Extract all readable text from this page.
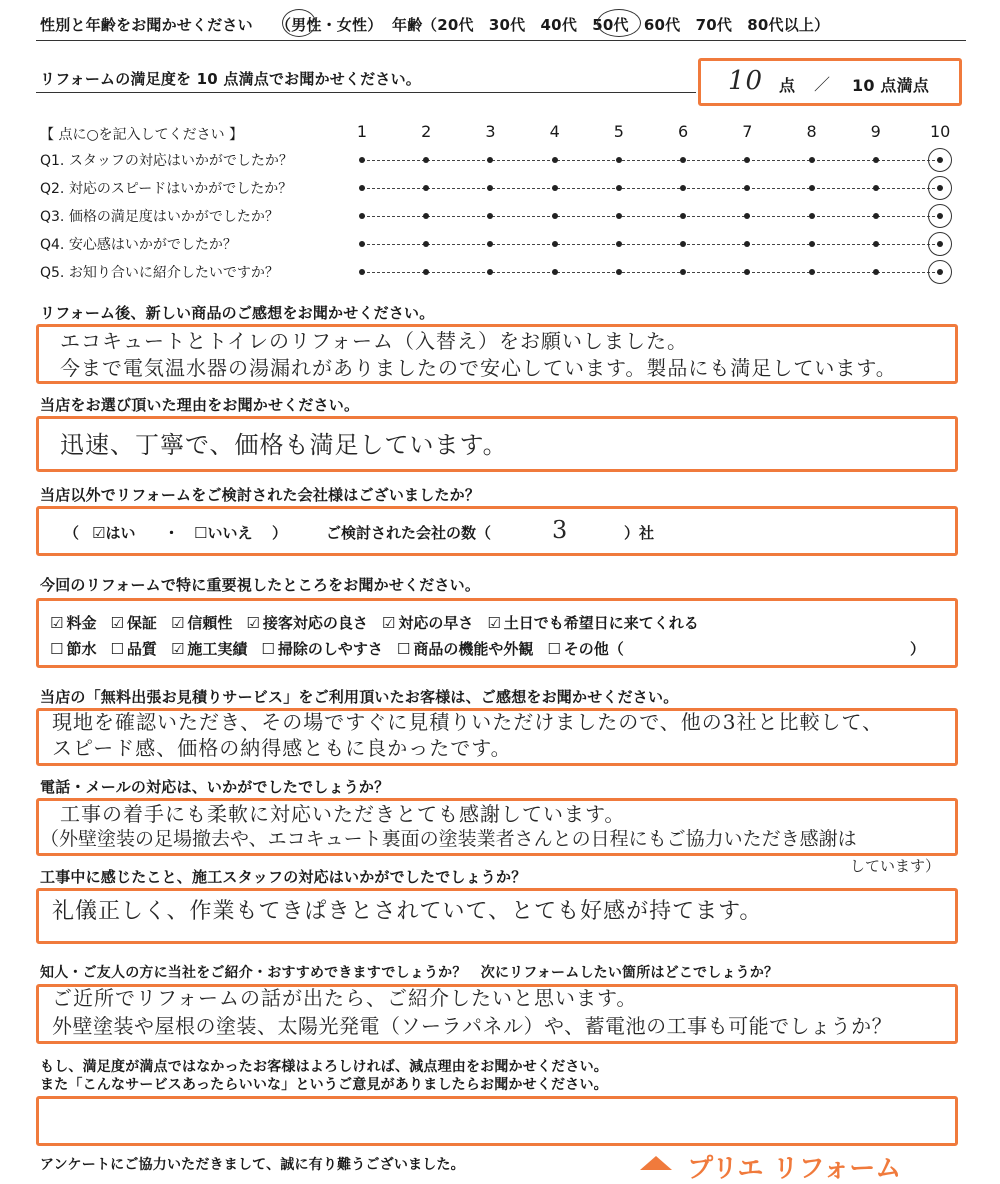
性別と年齢をお聞かせください （男性・女性） 年齢 （20代　30代　40代　50代　60代　70代　80代以上）
リフォームの満足度を 10 点満点でお聞かせください。	10 点 ／ 10 点満点
【 点に○を記入してください 】	1	2	3	4	5	6	7	8	9	10
Q1. スタッフの対応はいかがでしたか？
Q2. 対応のスピードはいかがでしたか？
Q3. 価格の満足度はいかがでしたか？
Q4. 安心感はいかがでしたか？
Q5. お知り合いに紹介したいですか？
リフォーム後、新しい商品のご感想をお聞かせください。
エコキュートとトイレのリフォーム（入替え）をお願いしました。
今まで電気温水器の湯漏れがありましたので安心しています。製品にも満足しています。
当店をお選び頂いた理由をお聞かせください。
迅速、丁寧で、価格も満足しています。
当店以外でリフォームをご検討された会社様はございましたか？
（ ☑はい ・ ☐いいえ ）	ご検討された会社の数（	3	）社
今回のリフォームで特に重要視したところをお聞かせください。
☑ 料金 ☑ 保証 ☑ 信頼性 ☑ 接客対応の良さ ☑ 対応の早さ ☑ 土日でも希望日に来てくれる
☐ 節水 ☐ 品質 ☑ 施工実績 ☐ 掃除のしやすさ ☐ 商品の機能や外観 ☐ その他（	）
当店の「無料出張お見積りサービス」をご利用頂いたお客様は、ご感想をお聞かせください。
現地を確認いただき、その場ですぐに見積りいただけましたので、他の3社と比較して、
スピード感、価格の納得感ともに良かったです。
電話・メールの対応は、いかがでしたでしょうか？
工事の着手にも柔軟に対応いただきとても感謝しています。
（外壁塗装の足場撤去や、エコキュート裏面の塗装業者さんとの日程にもご協力いただき感謝は
しています）
工事中に感じたこと、施工スタッフの対応はいかがでしたでしょうか？
礼儀正しく、作業もてきぱきとされていて、とても好感が持てます。
知人・ご友人の方に当社をご紹介・おすすめできますでしょうか？　次にリフォームしたい箇所はどこでしょうか？
ご近所でリフォームの話が出たら、ご紹介したいと思います。
外壁塗装や屋根の塗装、太陽光発電（ソーラパネル）や、蓄電池の工事も可能でしょうか？
もし、満足度が満点ではなかったお客様はよろしければ、減点理由をお聞かせください。
また「こんなサービスあったらいいな」というご意見がありましたらお聞かせください。
アンケートにご協力いただきまして、誠に有り難うございました。	プリエ リフォーム
